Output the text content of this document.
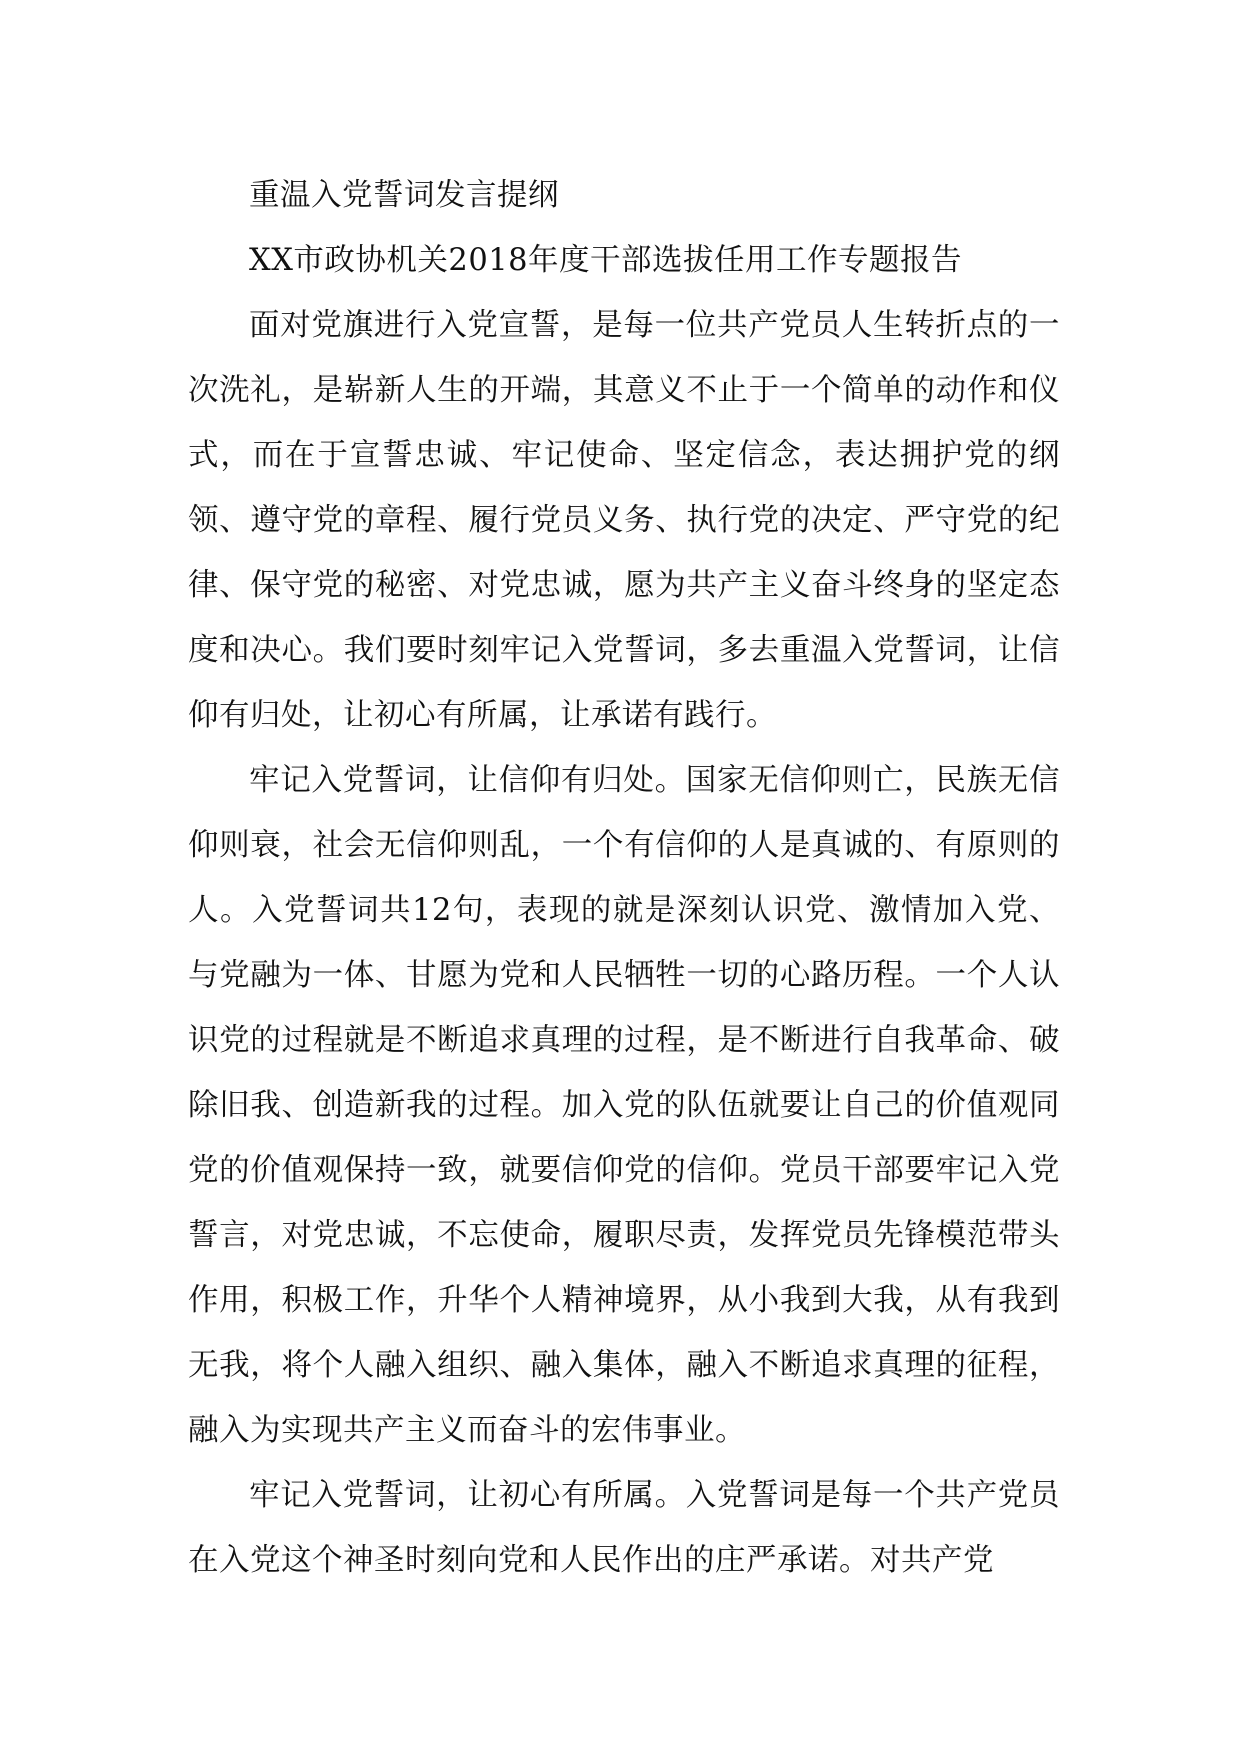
重温入党誓词发言提纲

XX市政协机关2018年度干部选拔任用工作专题报告

面对党旗进行入党宣誓，是每一位共产党员人生转折点的一次洗礼，是崭新人生的开端，其意义不止于一个简单的动作和仪式，而在于宣誓忠诚、牢记使命、坚定信念，表达拥护党的纲领、遵守党的章程、履行党员义务、执行党的决定、严守党的纪律、保守党的秘密、对党忠诚，愿为共产主义奋斗终身的坚定态度和决心。我们要时刻牢记入党誓词，多去重温入党誓词，让信仰有归处，让初心有所属，让承诺有践行。

牢记入党誓词，让信仰有归处。国家无信仰则亡，民族无信仰则衰，社会无信仰则乱，一个有信仰的人是真诚的、有原则的人。入党誓词共12句，表现的就是深刻认识党、激情加入党、与党融为一体、甘愿为党和人民牺牲一切的心路历程。一个人认识党的过程就是不断追求真理的过程，是不断进行自我革命、破除旧我、创造新我的过程。加入党的队伍就要让自己的价值观同党的价值观保持一致，就要信仰党的信仰。党员干部要牢记入党誓言，对党忠诚，不忘使命，履职尽责，发挥党员先锋模范带头作用，积极工作，升华个人精神境界，从小我到大我，从有我到无我，将个人融入组织、融入集体，融入不断追求真理的征程，融入为实现共产主义而奋斗的宏伟事业。

牢记入党誓词，让初心有所属。入党誓词是每一个共产党员在入党这个神圣时刻向党和人民作出的庄严承诺。对共产党
